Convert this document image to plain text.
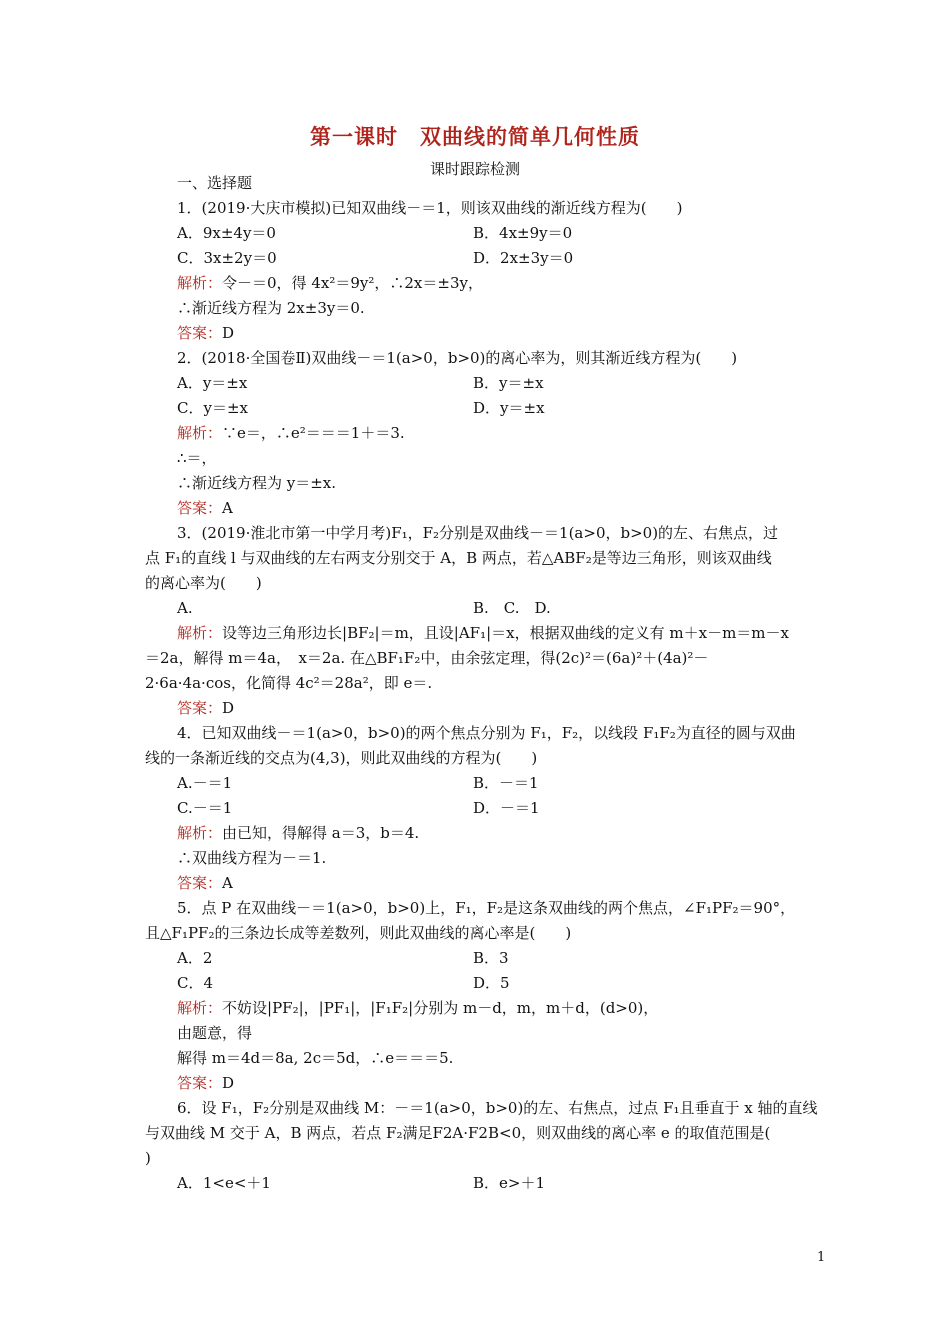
第一课时　双曲线的简单几何性质
课时跟踪检测
一、选择题
1．(2019·大庆市模拟)已知双曲线－＝1，则该双曲线的渐近线方程为(　　)
A．9x±4y＝0	B．4x±9y＝0
C．3x±2y＝0	D．2x±3y＝0
解析：令－＝0，得 4x²＝9y²，∴2x＝±3y，
∴渐近线方程为 2x±3y＝0.
答案：D
2．(2018·全国卷Ⅱ)双曲线－＝1(a>0，b>0)的离心率为，则其渐近线方程为(　　)
A．y＝±x	B．y＝±x
C．y＝±x	D．y＝±x
解析：∵e＝，∴e²＝＝＝1＋＝3.
∴＝，
∴渐近线方程为 y＝±x.
答案：A
3．(2019·淮北市第一中学月考)F₁，F₂分别是双曲线－＝1(a>0，b>0)的左、右焦点，过
点 F₁的直线 l 与双曲线的左右两支分别交于 A，B 两点，若△ABF₂是等边三角形，则该双曲线
的离心率为(　　)
A.	B.　C.　D.
解析：设等边三角形边长|BF₂|＝m，且设|AF₁|＝x，根据双曲线的定义有 m＋x－m＝m－x
＝2a，解得 m＝4a，　x＝2a. 在△BF₁F₂中，由余弦定理，得(2c)²＝(6a)²＋(4a)²－
2·6a·4a·cos，化简得 4c²＝28a²，即 e＝.
答案：D
4．已知双曲线－＝1(a>0，b>0)的两个焦点分别为 F₁，F₂，以线段 F₁F₂为直径的圆与双曲
线的一条渐近线的交点为(4,3)，则此双曲线的方程为(　　)
A.－＝1	B．－＝1
C.－＝1	D．－＝1
解析：由已知，得解得 a＝3，b＝4.
∴双曲线方程为－＝1.
答案：A
5．点 P 在双曲线－＝1(a>0，b>0)上，F₁，F₂是这条双曲线的两个焦点，∠F₁PF₂＝90°，
且△F₁PF₂的三条边长成等差数列，则此双曲线的离心率是(　　)
A．2	B．3
C．4	D．5
解析：不妨设|PF₂|，|PF₁|，|F₁F₂|分别为 m－d，m，m＋d，(d>0)，
由题意，得
解得 m＝4d＝8a, 2c＝5d，∴e＝＝＝5.
答案：D
6．设 F₁，F₂分别是双曲线 M：－＝1(a>0，b>0)的左、右焦点，过点 F₁且垂直于 x 轴的直线
与双曲线 M 交于 A，B 两点，若点 F₂满足F2A·F2B<0，则双曲线的离心率 e 的取值范围是(
)
A．1<e<＋1	B．e>＋1
1
